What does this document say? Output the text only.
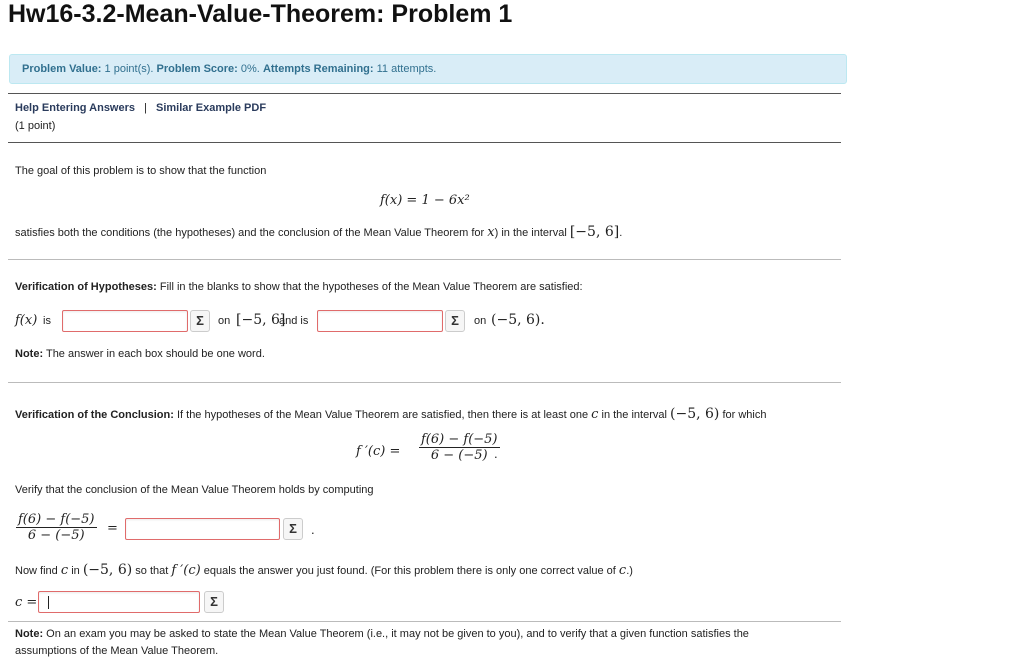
Hw16-3.2-Mean-Value-Theorem: Problem 1
Problem Value: 1 point(s). Problem Score: 0%. Attempts Remaining: 11 attempts.
Help Entering Answers | Similar Example PDF
(1 point)
The goal of this problem is to show that the function
f(x) = 1 − 6x²
satisfies both the conditions (the hypotheses) and the conclusion of the Mean Value Theorem for x) in the interval [−5, 6].
Verification of Hypotheses: Fill in the blanks to show that the hypotheses of the Mean Value Theorem are satisfied:
f(x) is	Σ	on [−5, 6]
and is	Σ	on (−5, 6).
Note: The answer in each box should be one word.
Verification of the Conclusion: If the hypotheses of the Mean Value Theorem are satisfied, then there is at least one c in the interval (−5, 6) for which
f $'(c) = \frac{f(6) - f(-5)}{6 - (-5)}$
.
Verify that the conclusion of the Mean Value Theorem holds by computing
$\frac{f(6) - f(-5)}{6 - (-5)}$ =	Σ	.
Now find c in (−5, 6) so that f ′(c) equals the answer you just found. (For this problem there is only one correct value of c.)
c =	Σ
Note: On an exam you may be asked to state the Mean Value Theorem (i.e., it may not be given to you), and to verify that a given function satisfies the
assumptions of the Mean Value Theorem.
